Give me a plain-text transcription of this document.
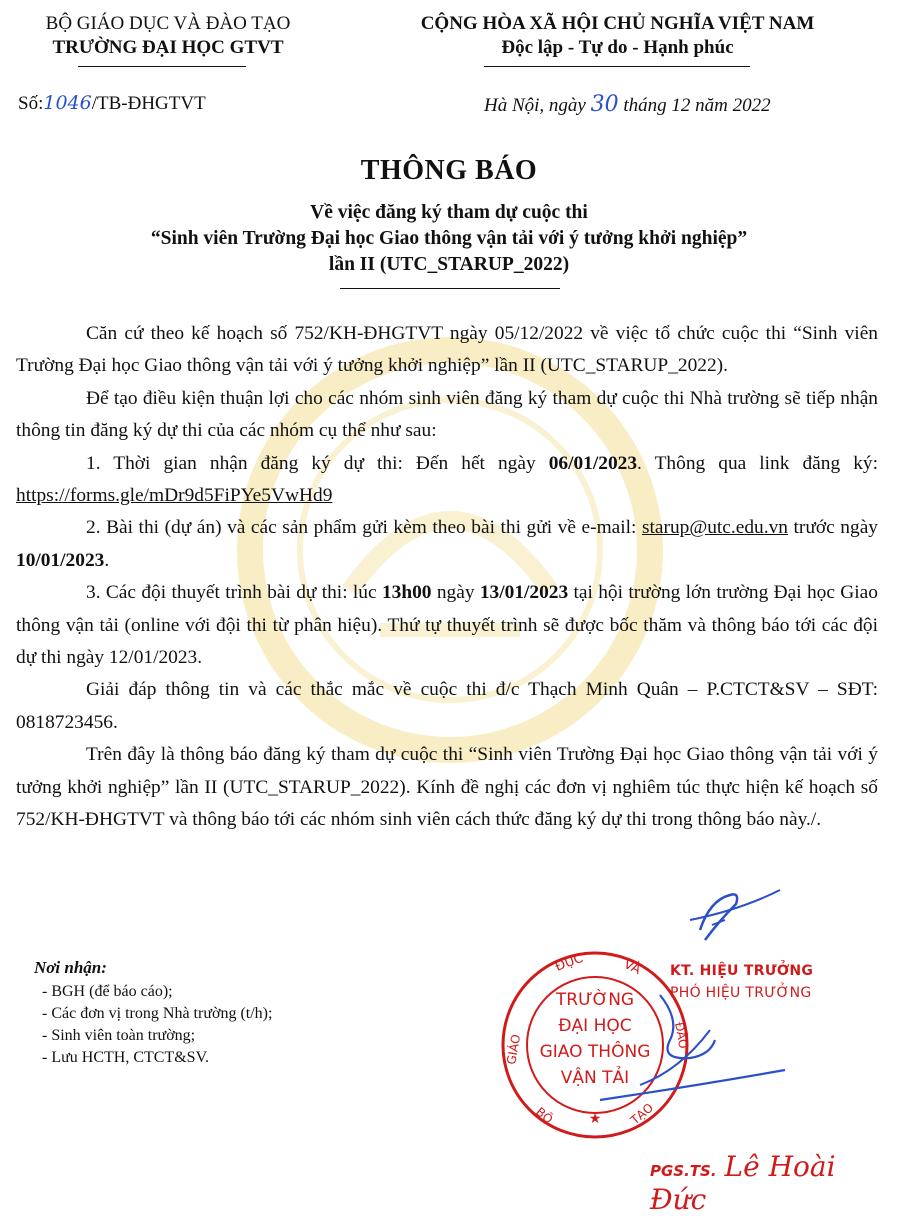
BỘ GIÁO DỤC VÀ ĐÀO TẠO
TRƯỜNG ĐẠI HỌC GTVT
CỘNG HÒA XÃ HỘI CHỦ NGHĨA VIỆT NAM
Độc lập - Tự do - Hạnh phúc
Số:1046/TB-ĐHGTVT	Hà Nội, ngày 30 tháng 12 năm 2022
THÔNG BÁO
Về việc đăng ký tham dự cuộc thi
“Sinh viên Trường Đại học Giao thông vận tải với ý tưởng khởi nghiệp”
lần II (UTC_STARUP_2022)

Căn cứ theo kế hoạch số 752/KH-ĐHGTVT ngày 05/12/2022 về việc tổ chức cuộc thi “Sinh viên Trường Đại học Giao thông vận tải với ý tưởng khởi nghiệp” lần II (UTC_STARUP_2022).

Để tạo điều kiện thuận lợi cho các nhóm sinh viên đăng ký tham dự cuộc thi Nhà trường sẽ tiếp nhận thông tin đăng ký dự thi của các nhóm cụ thể như sau:

1. Thời gian nhận đăng ký dự thi: Đến hết ngày 06/01/2023. Thông qua link đăng ký: https://forms.gle/mDr9d5FiPYe5VwHd9

2. Bài thi (dự án) và các sản phẩm gửi kèm theo bài thi gửi về e-mail: starup@utc.edu.vn trước ngày 10/01/2023.

3. Các đội thuyết trình bài dự thi: lúc 13h00 ngày 13/01/2023 tại hội trường lớn trường Đại học Giao thông vận tải (online với đội thi từ phân hiệu). Thứ tự thuyết trình sẽ được bốc thăm và thông báo tới các đội dự thi ngày 12/01/2023.

Giải đáp thông tin và các thắc mắc về cuộc thi đ/c Thạch Minh Quân – P.CTCT&SV – SĐT: 0818723456.

Trên đây là thông báo đăng ký tham dự cuộc thi “Sinh viên Trường Đại học Giao thông vận tải với ý tưởng khởi nghiệp” lần II (UTC_STARUP_2022). Kính đề nghị các đơn vị nghiêm túc thực hiện kế hoạch số 752/KH-ĐHGTVT và thông báo tới các nhóm sinh viên cách thức đăng ký dự thi trong thông báo này./.

Nơi nhận:
- BGH (để báo cáo);
- Các đơn vị trong Nhà trường (t/h);
- Sinh viên toàn trường;
- Lưu HCTH, CTCT&SV.
KT. HIỆU TRƯỞNG
PHÓ HIỆU TRƯỞNG
ĐỤC	VÀ
GIÁO	ĐÀO
BỘ	TẠO
TRƯỜNG
ĐẠI HỌC
GIAO THÔNG
VẬN TẢI
★
PGS.TS. Lê Hoài Đức
